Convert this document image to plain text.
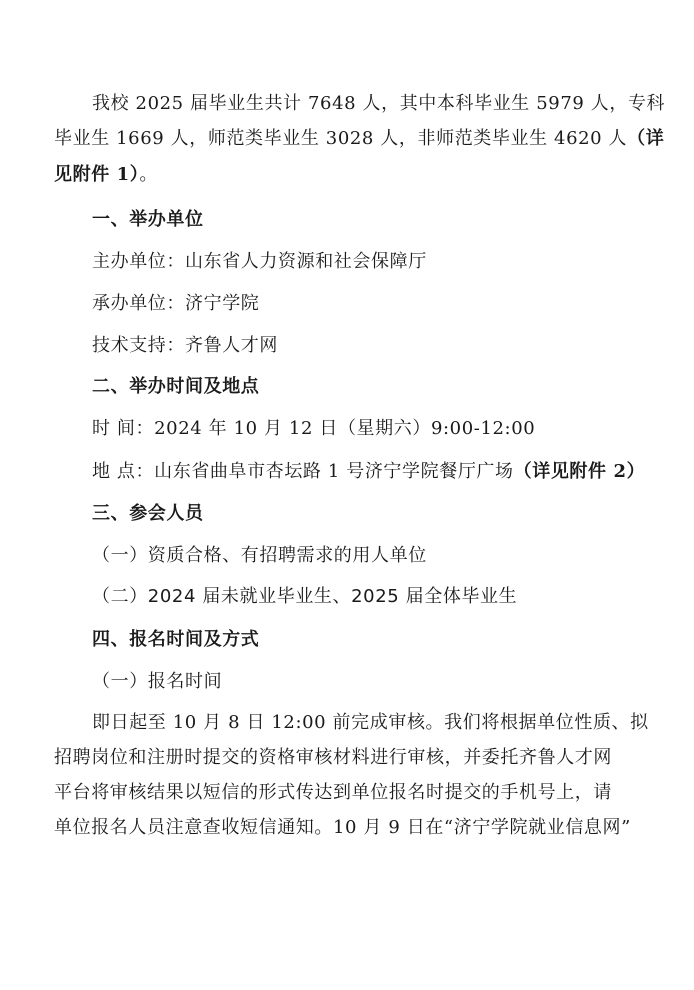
我校 2025 届毕业生共计 7648 人，其中本科毕业生 5979 人，专科
毕业生 1669 人，师范类毕业生 3028 人，非师范类毕业生 4620 人（详
见附件 1）。
一、举办单位
主办单位：山东省人力资源和社会保障厅
承办单位：济宁学院
技术支持：齐鲁人才网
二、举办时间及地点
时 间：2024 年 10 月 12 日（星期六）9:00-12:00
地 点：山东省曲阜市杏坛路 1 号济宁学院餐厅广场（详见附件 2）
三、参会人员
（一）资质合格、有招聘需求的用人单位
（二）2024 届未就业毕业生、2025 届全体毕业生
四、报名时间及方式
（一）报名时间
即日起至 10 月 8 日 12:00 前完成审核。我们将根据单位性质、拟
招聘岗位和注册时提交的资格审核材料进行审核，并委托齐鲁人才网
平台将审核结果以短信的形式传达到单位报名时提交的手机号上，请
单位报名人员注意查收短信通知。10 月 9 日在“济宁学院就业信息网”
